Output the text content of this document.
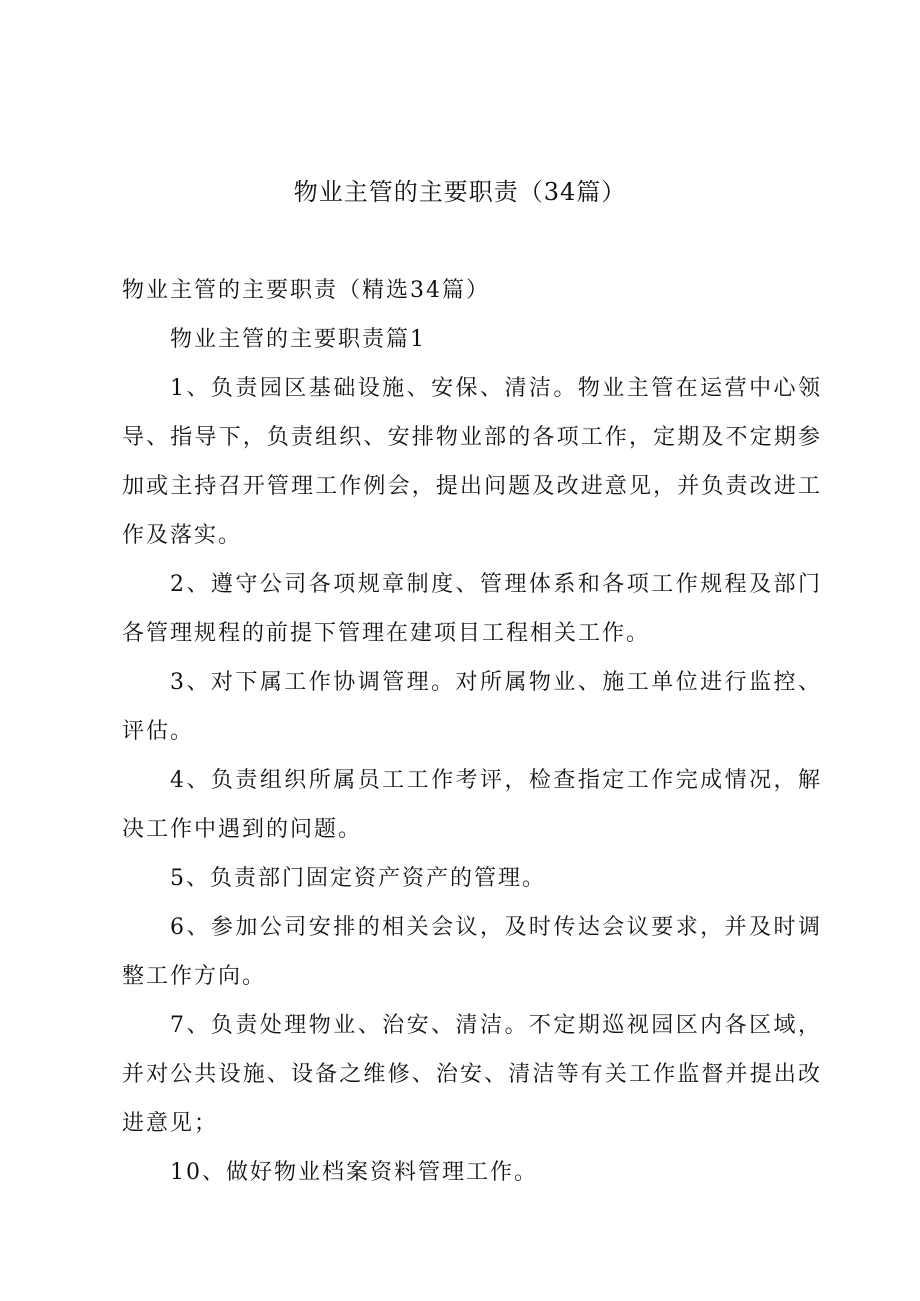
物业主管的主要职责（34篇）

物业主管的主要职责（精选34篇）

物业主管的主要职责篇1

1、负责园区基础设施、安保、清洁。物业主管在运营中心领导、指导下，负责组织、安排物业部的各项工作，定期及不定期参加或主持召开管理工作例会，提出问题及改进意见，并负责改进工作及落实。

2、遵守公司各项规章制度、管理体系和各项工作规程及部门各管理规程的前提下管理在建项目工程相关工作。

3、对下属工作协调管理。对所属物业、施工单位进行监控、评估。

4、负责组织所属员工工作考评，检查指定工作完成情况，解决工作中遇到的问题。

5、负责部门固定资产资产的管理。

6、参加公司安排的相关会议，及时传达会议要求，并及时调整工作方向。

7、负责处理物业、治安、清洁。不定期巡视园区内各区域，并对公共设施、设备之维修、治安、清洁等有关工作监督并提出改进意见；

10、做好物业档案资料管理工作。
